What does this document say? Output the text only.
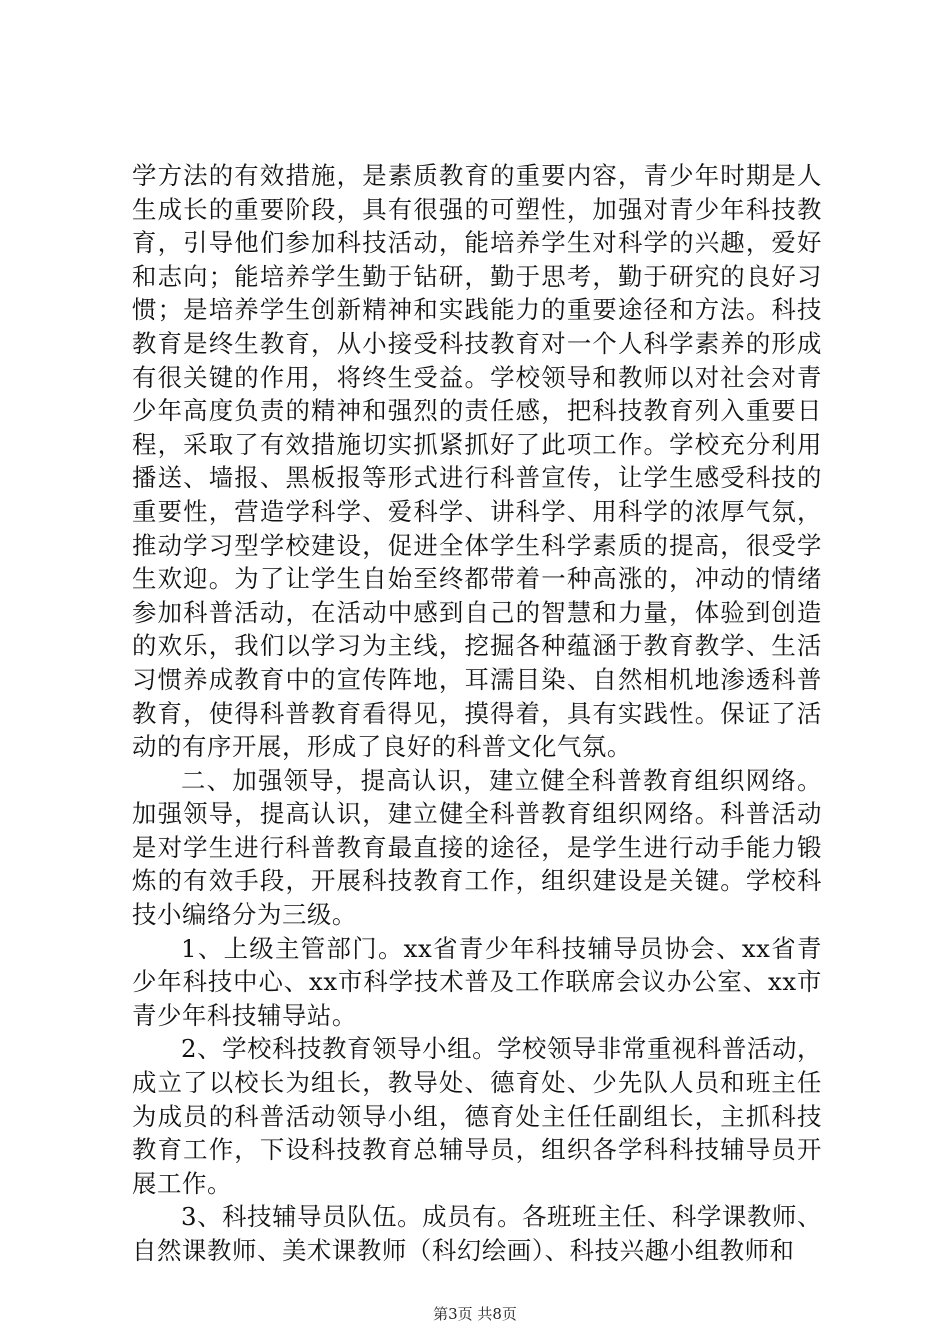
学方法的有效措施，是素质教育的重要内容，青少年时期是人生成长的重要阶段，具有很强的可塑性，加强对青少年科技教育，引导他们参加科技活动，能培养学生对科学的兴趣，爱好和志向；能培养学生勤于钻研，勤于思考，勤于研究的良好习惯；是培养学生创新精神和实践能力的重要途径和方法。科技教育是终生教育，从小接受科技教育对一个人科学素养的形成有很关键的作用，将终生受益。学校领导和教师以对社会对青少年高度负责的精神和强烈的责任感，把科技教育列入重要日程，采取了有效措施切实抓紧抓好了此项工作。学校充分利用播送、墙报、黑板报等形式进行科普宣传，让学生感受科技的重要性，营造学科学、爱科学、讲科学、用科学的浓厚气氛，推动学习型学校建设，促进全体学生科学素质的提高，很受学生欢迎。为了让学生自始至终都带着一种高涨的，冲动的情绪参加科普活动，在活动中感到自己的智慧和力量，体验到创造的欢乐，我们以学习为主线，挖掘各种蕴涵于教育教学、生活习惯养成教育中的宣传阵地，耳濡目染、自然相机地渗透科普教育，使得科普教育看得见，摸得着，具有实践性。保证了活动的有序开展，形成了良好的科普文化气氛。

二、加强领导，提高认识，建立健全科普教育组织网络。加强领导，提高认识，建立健全科普教育组织网络。科普活动是对学生进行科普教育最直接的途径，是学生进行动手能力锻炼的有效手段，开展科技教育工作，组织建设是关键。学校科技小编络分为三级。

1、上级主管部门。xx省青少年科技辅导员协会、xx省青少年科技中心、xx市科学技术普及工作联席会议办公室、xx市青少年科技辅导站。

2、学校科技教育领导小组。学校领导非常重视科普活动，成立了以校长为组长，教导处、德育处、少先队人员和班主任为成员的科普活动领导小组，德育处主任任副组长，主抓科技教育工作，下设科技教育总辅导员，组织各学科科技辅导员开展工作。

3、科技辅导员队伍。成员有。各班班主任、科学课教师、自然课教师、美术课教师（科幻绘画）、科技兴趣小组教师和

第3页 共8页
